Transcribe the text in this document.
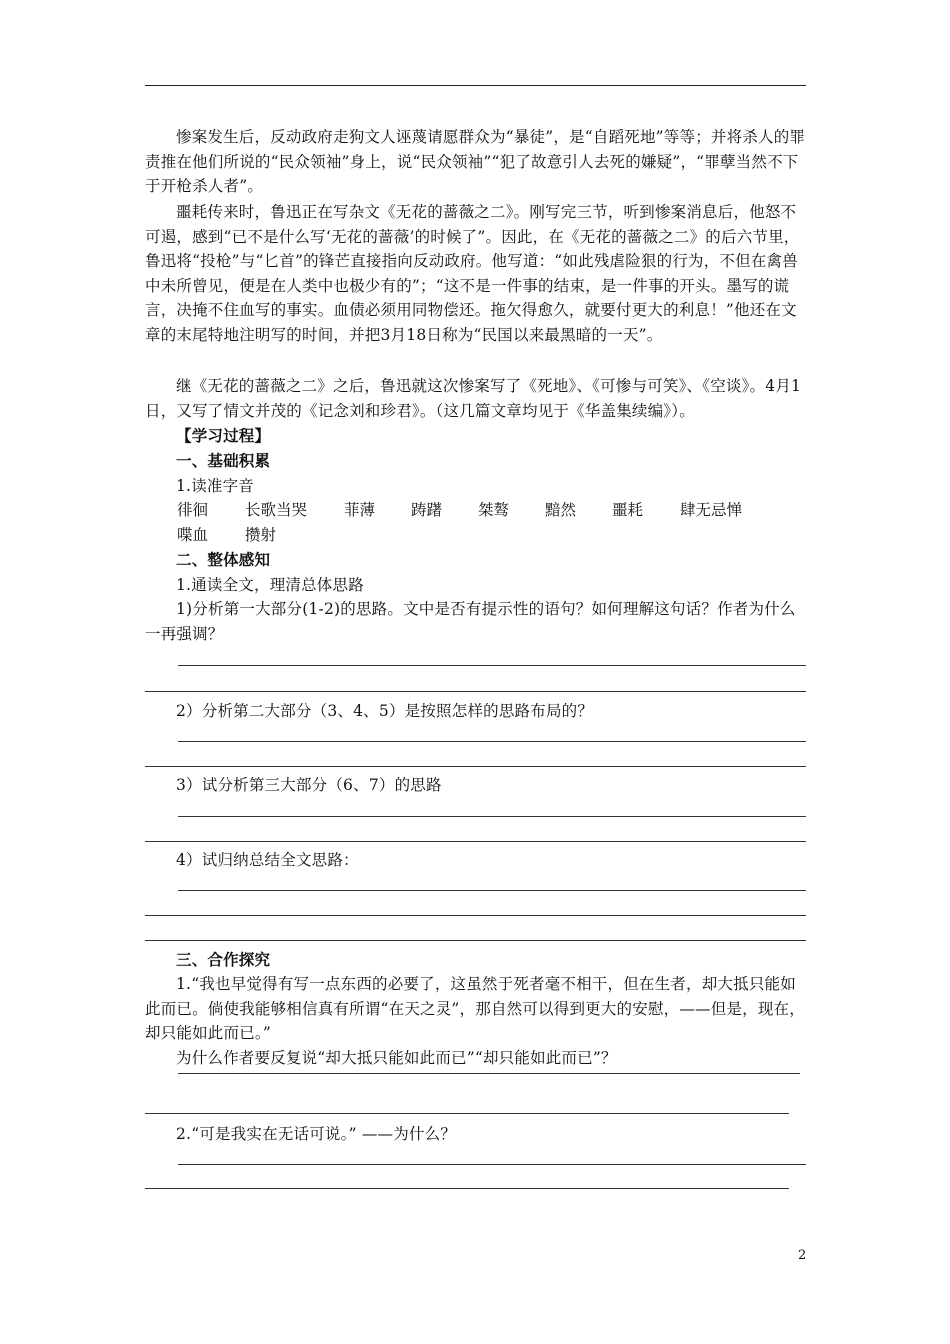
惨案发生后，反动政府走狗文人诬蔑请愿群众为“暴徒”，是“自蹈死地”等等；并将杀人的罪责推在他们所说的“民众领袖”身上，说“民众领袖”“犯了故意引人去死的嫌疑”，“罪孽当然不下于开枪杀人者”。

噩耗传来时，鲁迅正在写杂文《无花的蔷薇之二》。刚写完三节，听到惨案消息后，他怒不可遏，感到“已不是什么写‘无花的蔷薇’的时候了”。因此，在《无花的蔷薇之二》的后六节里，鲁迅将“投枪”与“匕首”的锋芒直接指向反动政府。他写道：“如此残虐险狠的行为，不但在禽兽中未所曾见，便是在人类中也极少有的”；“这不是一件事的结束，是一件事的开头。墨写的谎言，决掩不住血写的事实。血债必须用同物偿还。拖欠得愈久，就要付更大的利息！”他还在文章的末尾特地注明写的时间，并把3月18日称为“民国以来最黑暗的一天”。

继《无花的蔷薇之二》之后，鲁迅就这次惨案写了《死地》、《可惨与可笑》、《空谈》。4月1日，又写了情文并茂的《记念刘和珍君》。（这几篇文章均见于《华盖集续编》）。

【学习过程】

一、基础积累

1.读准字音

徘徊 长歌当哭 菲薄 踌躇 桀骜 黯然 噩耗 肆无忌惮
喋血 攒射

二、整体感知

1.通读全文，理清总体思路

1)分析第一大部分(1-2)的思路。文中是否有提示性的语句？如何理解这句话？作者为什么一再强调？

2）分析第二大部分（3、4、5）是按照怎样的思路布局的？

3）试分析第三大部分（6、7）的思路

4）试归纳总结全文思路：

三、合作探究

1.“我也早觉得有写一点东西的必要了，这虽然于死者毫不相干，但在生者，却大抵只能如此而已。倘使我能够相信真有所谓“在天之灵”，那自然可以得到更大的安慰，——但是，现在，却只能如此而已。”

为什么作者要反复说“却大抵只能如此而已”“却只能如此而已”？

2.“可是我实在无话可说。” ——为什么？

2
